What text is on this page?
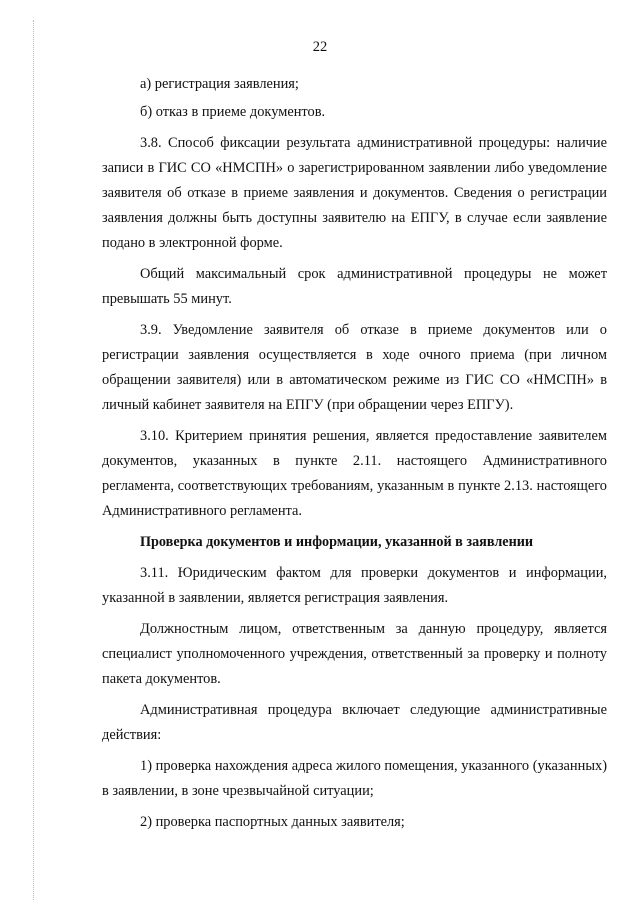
22

а) регистрация заявления;

б) отказ в приеме документов.

3.8. Способ фиксации результата административной процедуры: наличие записи в ГИС СО «НМСПН» о зарегистрированном заявлении либо уведомление заявителя об отказе в приеме заявления и документов. Сведения о регистрации заявления должны быть доступны заявителю на ЕПГУ, в случае если заявление подано в электронной форме.

Общий максимальный срок административной процедуры не может превышать 55 минут.

3.9. Уведомление заявителя об отказе в приеме документов или о регистрации заявления осуществляется в ходе очного приема (при личном обращении заявителя) или в автоматическом режиме из ГИС СО «НМСПН» в личный кабинет заявителя на ЕПГУ (при обращении через ЕПГУ).

3.10. Критерием принятия решения, является предоставление заявителем документов, указанных в пункте 2.11. настоящего Административного регламента, соответствующих требованиям, указанным в пункте 2.13. настоящего Административного регламента.

Проверка документов и информации, указанной в заявлении

3.11. Юридическим фактом для проверки документов и информации, указанной в заявлении, является регистрация заявления.

Должностным лицом, ответственным за данную процедуру, является специалист уполномоченного учреждения, ответственный за проверку и полноту пакета документов.

Административная процедура включает следующие административные действия:

1) проверка нахождения адреса жилого помещения, указанного (указанных) в заявлении, в зоне чрезвычайной ситуации;

2) проверка паспортных данных заявителя;
